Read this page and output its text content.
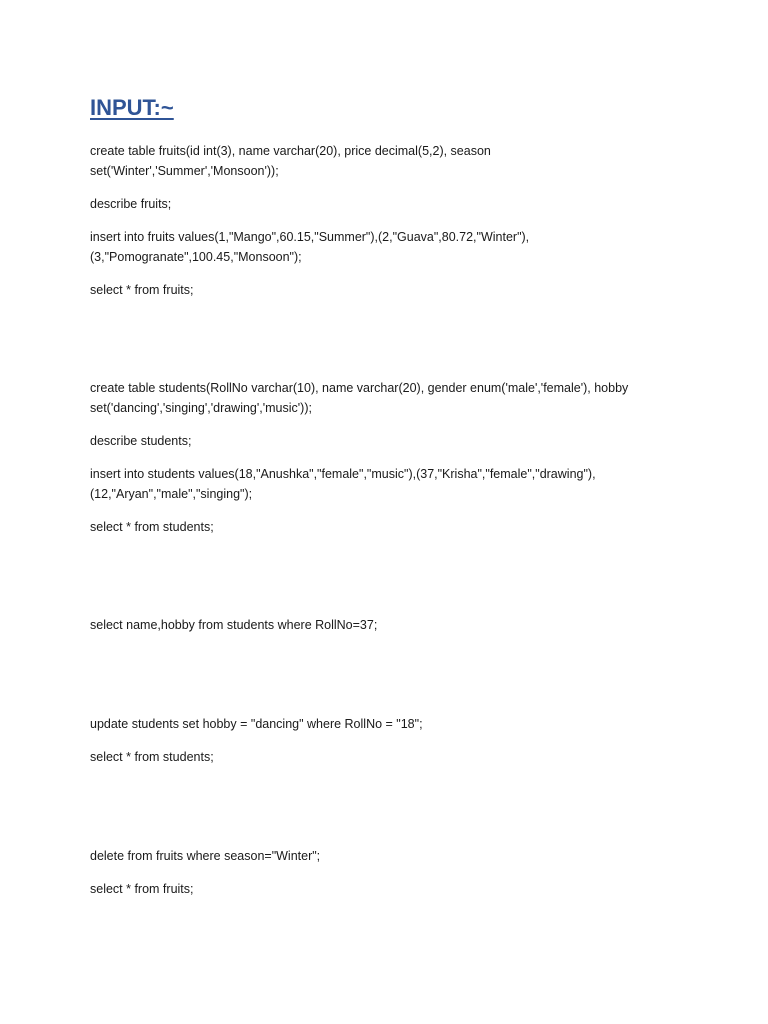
INPUT:~
create table fruits(id int(3), name varchar(20), price decimal(5,2), season
set('Winter','Summer','Monsoon'));
describe fruits;
insert into fruits values(1,"Mango",60.15,"Summer"),(2,"Guava",80.72,"Winter"),
(3,"Pomogranate",100.45,"Monsoon");
select * from fruits;
create table students(RollNo varchar(10), name varchar(20), gender enum('male','female'), hobby
set('dancing','singing','drawing','music'));
describe students;
insert into students values(18,"Anushka","female","music"),(37,"Krisha","female","drawing"),
(12,"Aryan","male","singing");
select * from students;
select name,hobby from students where RollNo=37;
update students set hobby = "dancing" where RollNo = "18";
select * from students;
delete from fruits where season="Winter";
select * from fruits;
